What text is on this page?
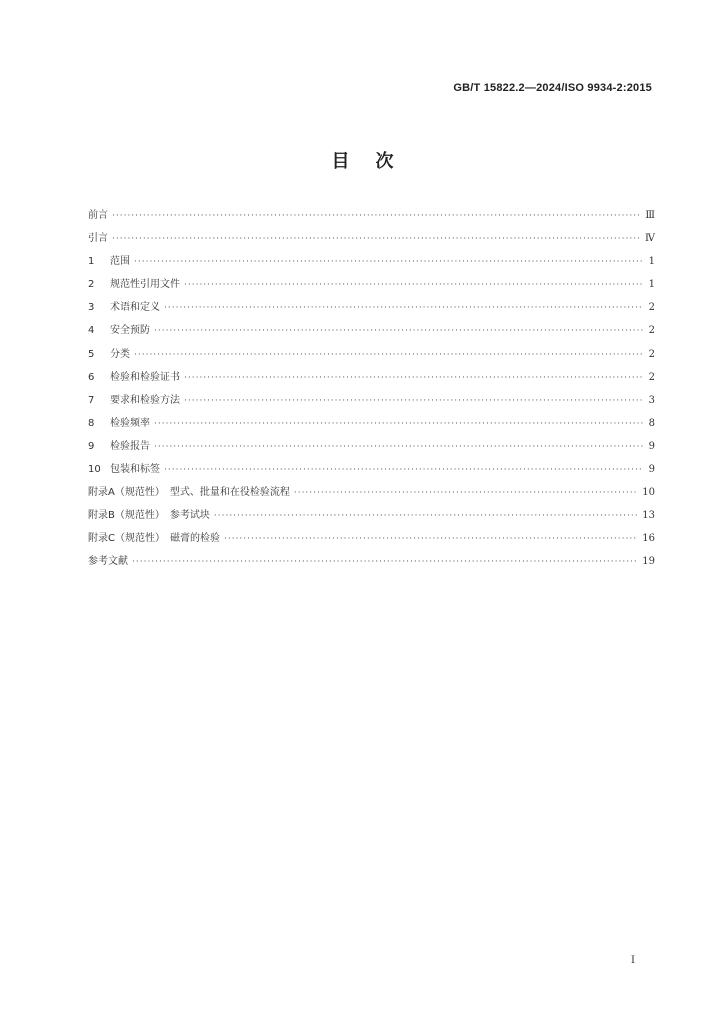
GB/T 15822.2—2024/ISO 9934-2:2015
目次
前言 ·····	Ⅲ
引言 ·····	Ⅳ
1	范围 ·····	1
2	规范性引用文件 ·····	1
3	术语和定义 ·····	2
4	安全预防 ·····	2
5	分类 ·····	2
6	检验和检验证书 ·····	2
7	要求和检验方法 ·····	3
8	检验频率 ·····	8
9	检验报告 ·····	9
10 包装和标签 ·····	9
附录A（规范性）　型式、批量和在役检验流程 ·····	10
附录B（规范性）　参考试块 ·····	13
附录C（规范性）　磁膏的检验 ·····	16
参考文献 ·····	19
I
